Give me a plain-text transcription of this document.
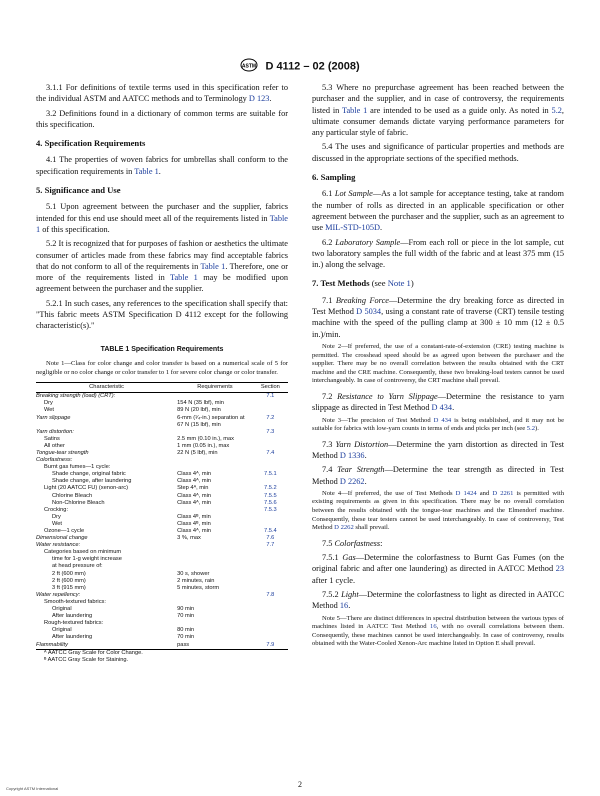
ASTM D 4112 – 02 (2008)

3.1.1 For definitions of textile terms used in this specification refer to the individual ASTM and AATCC methods and to Terminology D 123.

3.2 Definitions found in a dictionary of common terms are suitable for this specification.

4. Specification Requirements

4.1 The properties of woven fabrics for umbrellas shall conform to the specification requirements in Table 1.

5. Significance and Use

5.1 Upon agreement between the purchaser and the supplier, fabrics intended for this end use should meet all of the requirements listed in Table 1 of this specification.

5.2 It is recognized that for purposes of fashion or aesthetics the ultimate consumer of articles made from these fabrics may find acceptable fabrics that do not conform to all of the requirements in Table 1. Therefore, one or more of the requirements listed in Table 1 may be modified upon agreement between the purchaser and the supplier.

5.2.1 In such cases, any references to the specification shall specify that: "This fabric meets ASTM Specification D 4112 except for the following characteristic(s)."

TABLE 1 Specification Requirements

Note 1—Class for color change and color transfer is based on a numerical scale of 5 for negligible or no color change or color transfer to 1 for severe color change or color transfer.

Characteristic	Requirements	Section
Breaking strength (load) (CRT):		7.1
Dry	154 N (35 lbf), min	
Wet	89 N (20 lbf), min	
Yarn slippage	6-mm (¹⁄₄-in.) separation at	7.2
	67 N (15 lbf), min	
Yarn distortion:		7.3
Satins	2.5 mm (0.10 in.), max	
All other	1 mm (0.05 in.), max	
Tongue-tear strength	22 N (5 lbf), min	7.4
Colorfastness:		
Burnt gas fumes—1 cycle:		
Shade change, original fabric	Class 4ᴬ, min	7.5.1
Shade change, after laundering	Class 4ᴬ, min	
Light (20 AATCC FU) (xenon-arc)	Step 4ᴬ, min	7.5.2
Chlorine Bleach	Class 4ᴬ, min	7.5.5
Non-Chlorine Bleach	Class 4ᴬ, min	7.5.6
Crocking:		7.5.3
Dry	Class 4ᴮ, min	
Wet	Class 4ᴮ, min	
Ozone—1 cycle	Class 4ᴬ, min	7.5.4
Dimensional change	3 %, max	7.6
Water resistance:		7.7
Categories based on minimum		
time for 1-g weight increase		
at head pressure of:		
2 ft (600 mm)	30 s, shower	
2 ft (600 mm)	2 minutes, rain	
3 ft (915 mm)	5 minutes, storm	
Water repellency:		7.8
Smooth-textured fabrics:		
Original	90 min	
After laundering	70 min	
Rough-textured fabrics:		
Original	80 min	
After laundering	70 min	
Flammability	pass	7.9
ᴬ AATCC Gray Scale for Color Change.
ᴮ AATCC Gray Scale for Staining.

5.3 Where no prepurchase agreement has been reached between the purchaser and the supplier, and in case of controversy, the requirements listed in Table 1 are intended to be used as a guide only. As noted in 5.2, ultimate consumer demands dictate varying performance parameters for any particular style of fabric.

5.4 The uses and significance of particular properties and methods are discussed in the appropriate sections of the specified methods.

6. Sampling

6.1 Lot Sample—As a lot sample for acceptance testing, take at random the number of rolls as directed in an applicable specification or other agreement between the purchaser and the supplier, such as an agreement to use MIL-STD-105D.

6.2 Laboratory Sample—From each roll or piece in the lot sample, cut two laboratory samples the full width of the fabric and at least 375 mm (15 in.) along the selvage.

7. Test Methods (see Note 1)

7.1 Breaking Force—Determine the dry breaking force as directed in Test Method D 5034, using a constant rate of traverse (CRT) tensile testing machine with the speed of the pulling clamp at 300 ± 10 mm (12 ± 0.5 in.)/min.

Note 2—If preferred, the use of a constant-rate-of-extension (CRE) testing machine is permitted. The crosshead speed should be as agreed upon between the purchaser and the supplier. There may be no overall correlation between the results obtained with the CRT machine and the CRE machine. Consequently, these two breaking-load testers cannot be used interchangeably. In case of controversy, the CRT machine shall prevail.

7.2 Resistance to Yarn Slippage—Determine the resistance to yarn slippage as directed in Test Method D 434.

Note 3—The precision of Test Method D 434 is being established, and it may not be suitable for fabrics with low-yarn counts in terms of ends and picks per inch (see 5.2).

7.3 Yarn Distortion—Determine the yarn distortion as directed in Test Method D 1336.

7.4 Tear Strength—Determine the tear strength as directed in Test Method D 2262.

Note 4—If preferred, the use of Test Methods D 1424 and D 2261 is permitted with existing requirements as given in this specification. There may be no overall correlation between the results obtained with the tongue-tear machines and the Elmendorf machine. Consequently, these tear testers cannot be used interchangeably. In case of controversy, Test Method D 2262 shall prevail.

7.5 Colorfastness:

7.5.1 Gas—Determine the colorfastness to Burnt Gas Fumes (on the original fabric and after one laundering) as directed in AATCC Method 23 after 1 cycle.

7.5.2 Light—Determine the colorfastness to light as directed in AATCC Method 16.

Note 5—There are distinct differences in spectral distribution between the various types of machines listed in AATCC Test Method 16, with no overall correlations between them. Consequently, these machines cannot be used interchangeably. In case of controversy, results obtained with the Water-Cooled Xenon-Arc machine listed in Option E shall prevail.

2
Copyright ASTM International
